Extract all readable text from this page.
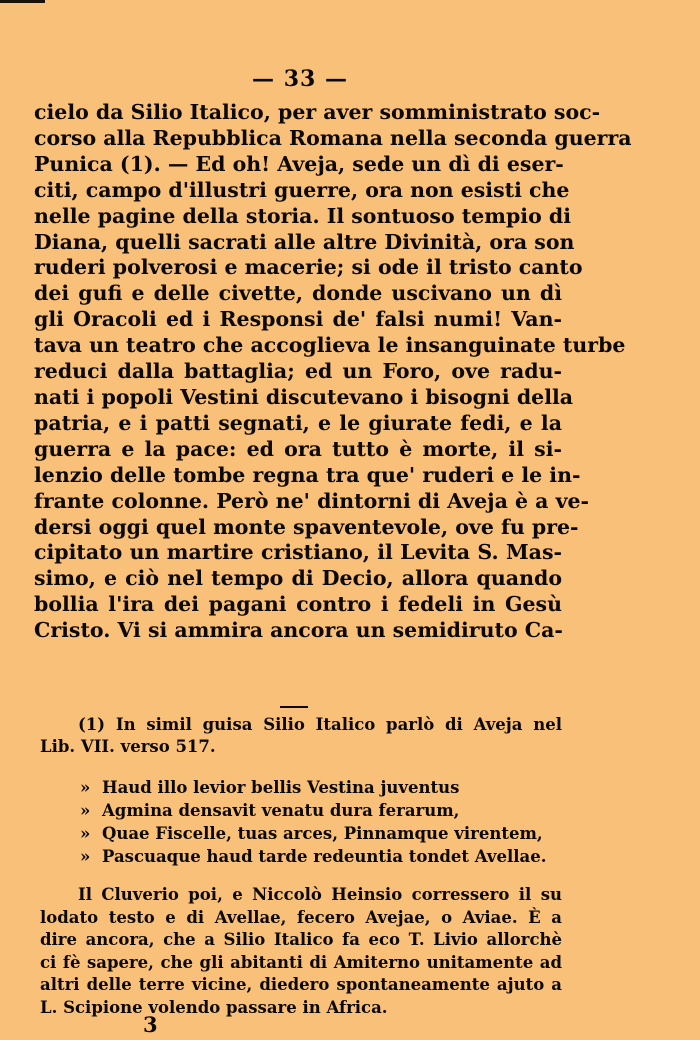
— 33 —
cielo da Silio Italico, per aver somministrato soc-
corso alla Repubblica Romana nella seconda guerra
Punica (1). — Ed oh! Aveja, sede un dì di eser-
citi, campo d'illustri guerre, ora non esisti che
nelle pagine della storia. Il sontuoso tempio di
Diana, quelli sacrati alle altre Divinità, ora son
ruderi polverosi e macerie; si ode il tristo canto
dei gufi e delle civette, donde uscivano un dì
gli Oracoli ed i Responsi de' falsi numi! Van-
tava un teatro che accoglieva le insanguinate turbe
reduci dalla battaglia; ed un Foro, ove radu-
nati i popoli Vestini discutevano i bisogni della
patria, e i patti segnati, e le giurate fedi, e la
guerra e la pace: ed ora tutto è morte, il si-
lenzio delle tombe regna tra que' ruderi e le in-
frante colonne. Però ne' dintorni di Aveja è a ve-
dersi oggi quel monte spaventevole, ove fu pre-
cipitato un martire cristiano, il Levita S. Mas-
simo, e ciò nel tempo di Decio, allora quando
bollia l'ira dei pagani contro i fedeli in Gesù
Cristo. Vi si ammira ancora un semidiruto Ca-
(1) In simil guisa Silio Italico parlò di Aveja nel
Lib. VII. verso 517.
» Haud illo levior bellis Vestina juventus
» Agmina densavit venatu dura ferarum,
» Quae Fiscelle, tuas arces, Pinnamque virentem,
» Pascuaque haud tarde redeuntia tondet Avellae.
Il Cluverio poi, e Niccolò Heinsio corressero il su
lodato testo e di Avellae, fecero Avejae, o Aviae. È a
dire ancora, che a Silio Italico fa eco T. Livio allorchè
ci fè sapere, che gli abitanti di Amiterno unitamente ad
altri delle terre vicine, diedero spontaneamente ajuto a
L. Scipione volendo passare in Africa.
3
